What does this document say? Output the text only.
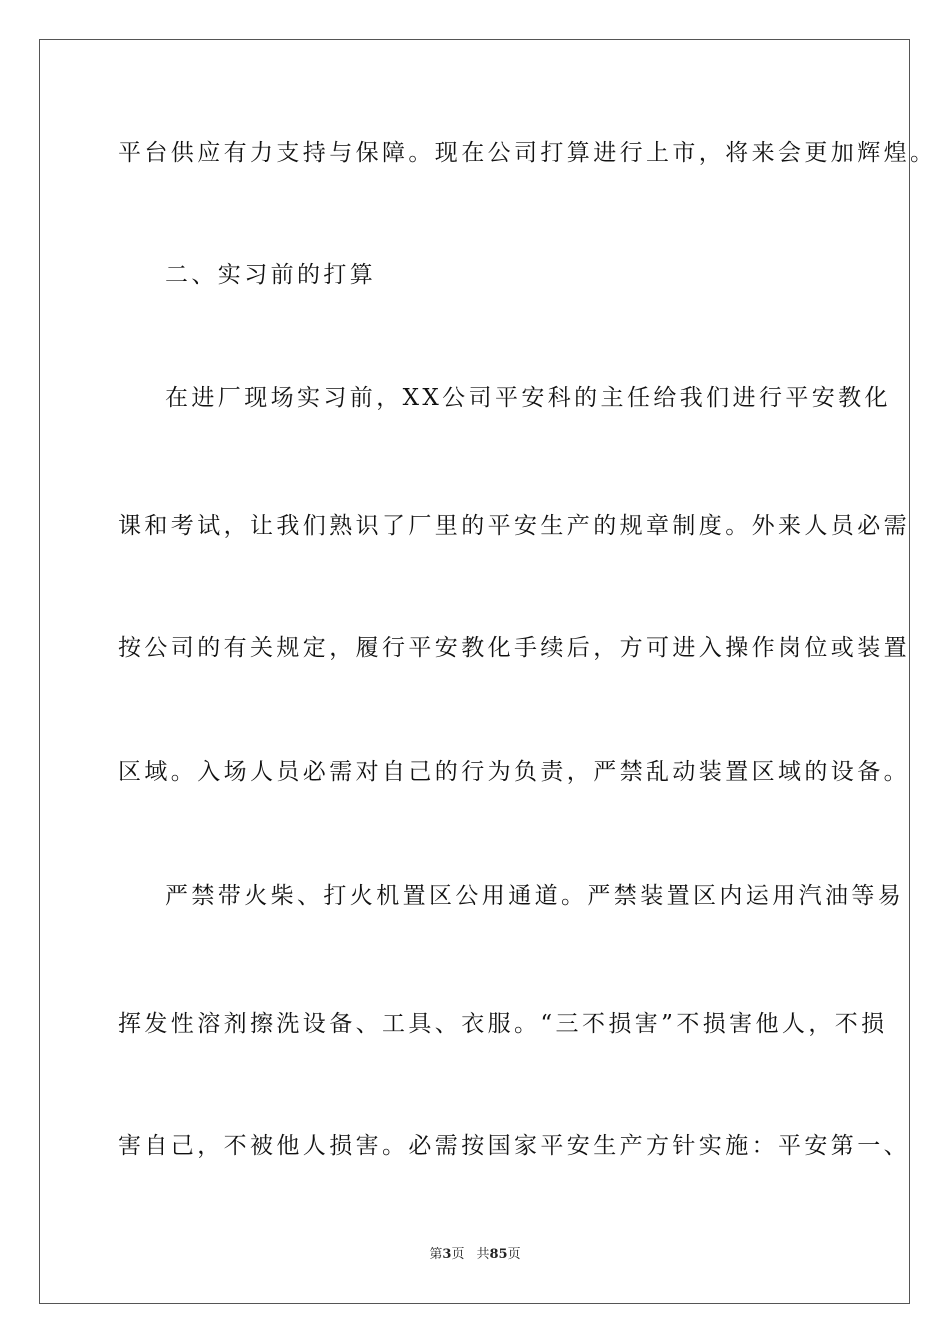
平台供应有力支持与保障。现在公司打算进行上市，将来会更加辉煌。
二、实习前的打算
在进厂现场实习前，XX公司平安科的主任给我们进行平安教化
课和考试，让我们熟识了厂里的平安生产的规章制度。外来人员必需
按公司的有关规定，履行平安教化手续后，方可进入操作岗位或装置
区域。入场人员必需对自己的行为负责，严禁乱动装置区域的设备。
严禁带火柴、打火机置区公用通道。严禁装置区内运用汽油等易
挥发性溶剂擦洗设备、工具、衣服。“三不损害”不损害他人，不损
害自己，不被他人损害。必需按国家平安生产方针实施：平安第一、
第3页 共85页
